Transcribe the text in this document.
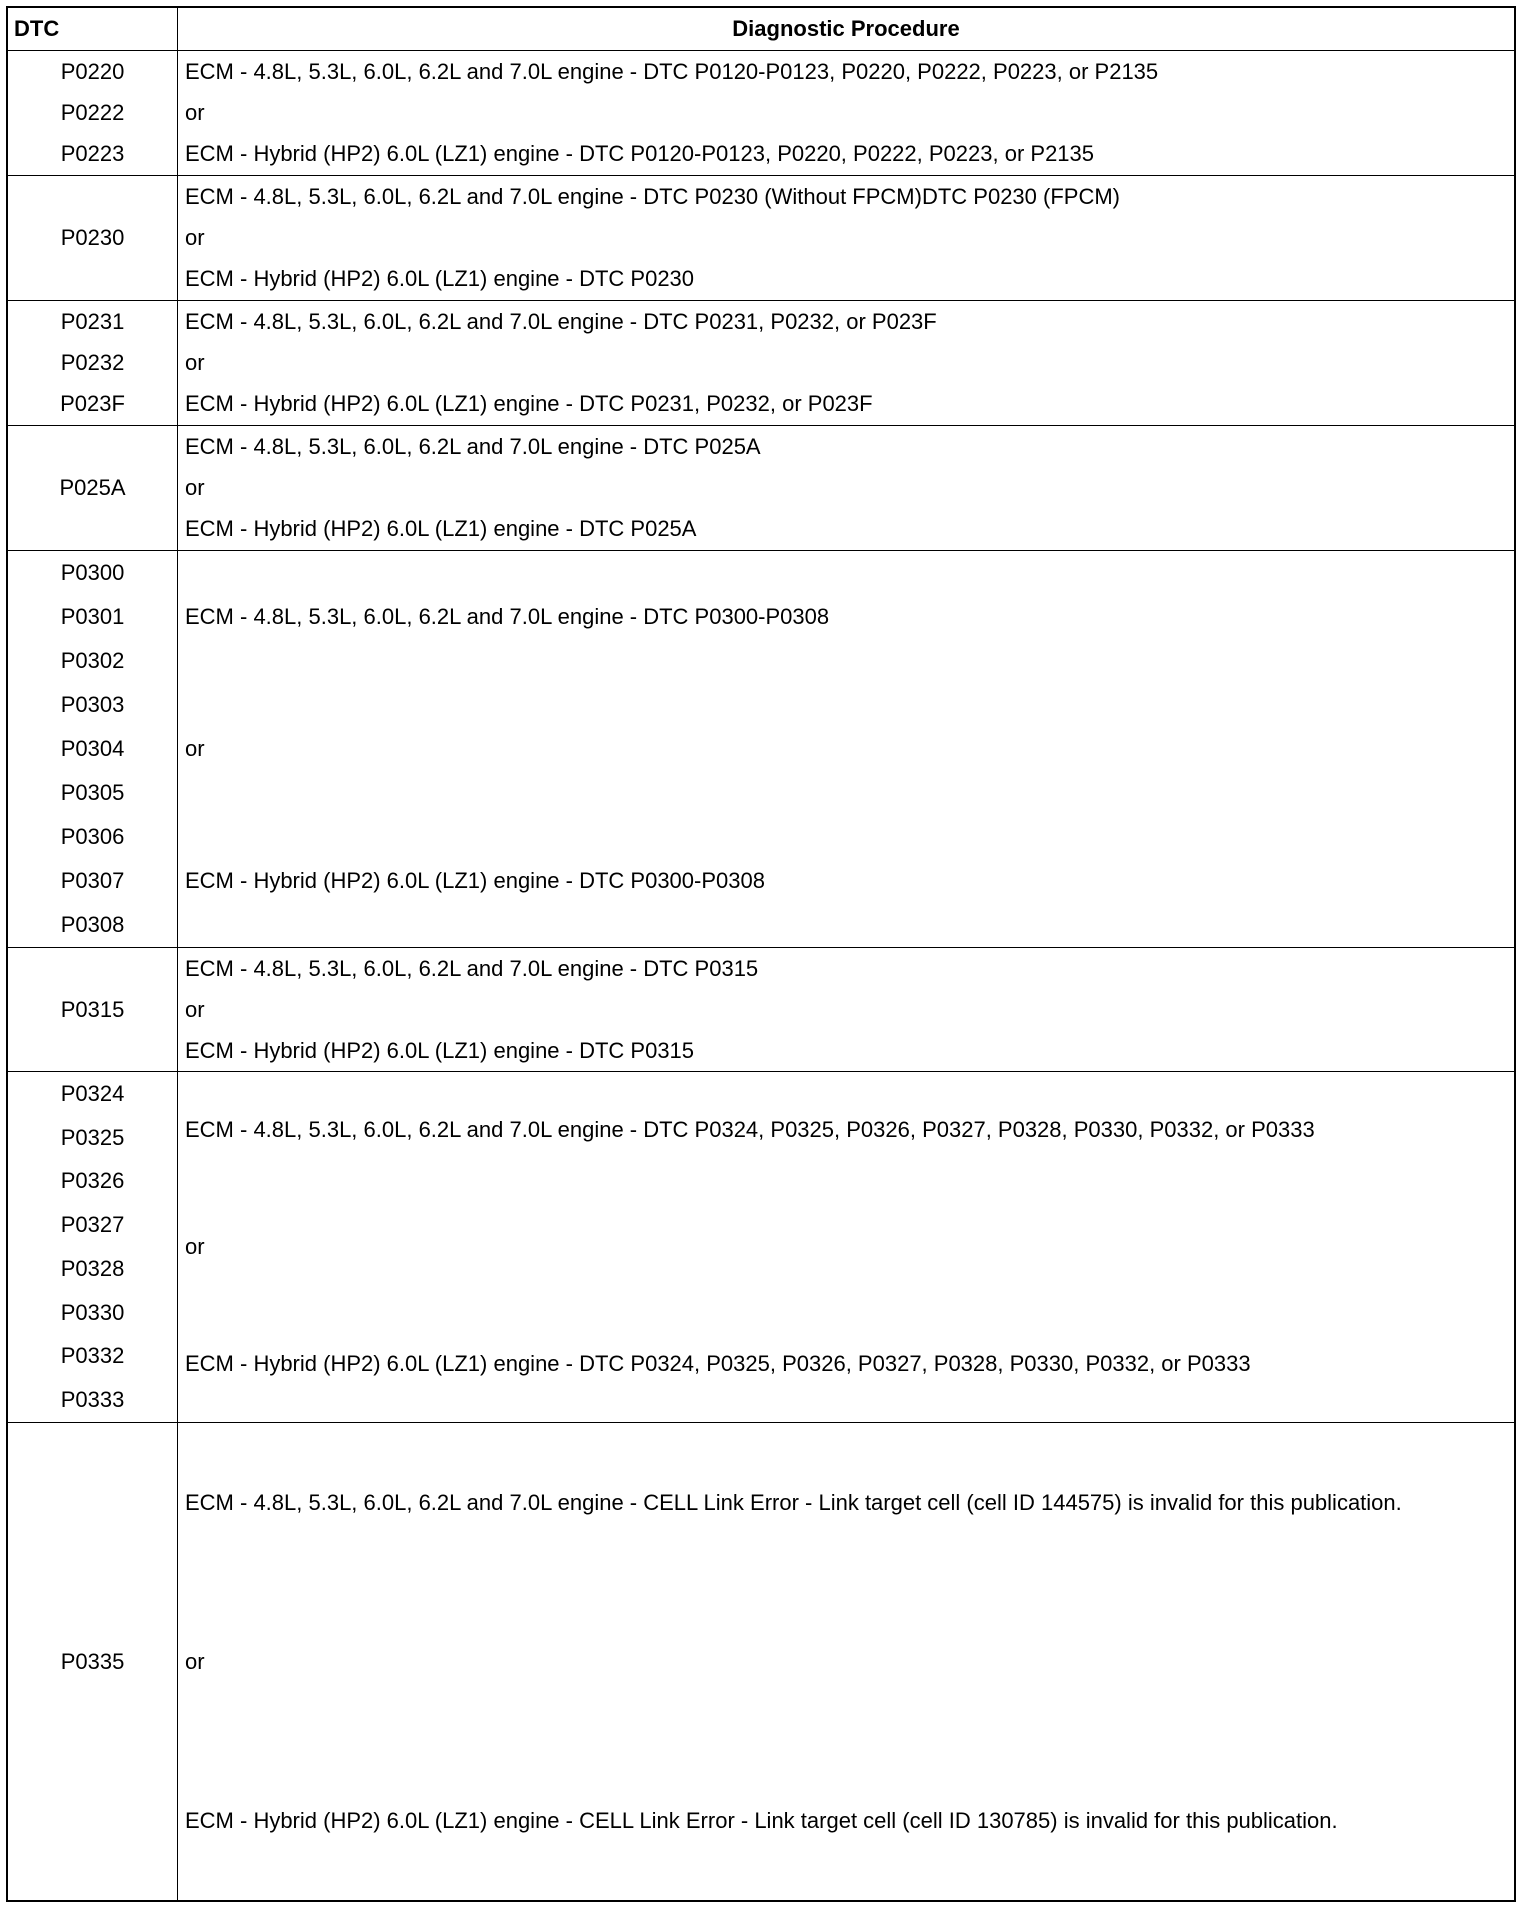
DTC	Diagnostic Procedure
P0220
P0222
P0223
ECM - 4.8L, 5.3L, 6.0L, 6.2L and 7.0L engine - DTC P0120-P0123, P0220, P0222, P0223, or P2135
or
ECM - Hybrid (HP2) 6.0L (LZ1) engine - DTC P0120-P0123, P0220, P0222, P0223, or P2135
P0230
ECM - 4.8L, 5.3L, 6.0L, 6.2L and 7.0L engine - DTC P0230 (Without FPCM)DTC P0230 (FPCM)
or
ECM - Hybrid (HP2) 6.0L (LZ1) engine - DTC P0230
P0231
P0232
P023F
ECM - 4.8L, 5.3L, 6.0L, 6.2L and 7.0L engine - DTC P0231, P0232, or P023F
or
ECM - Hybrid (HP2) 6.0L (LZ1) engine - DTC P0231, P0232, or P023F
P025A
ECM - 4.8L, 5.3L, 6.0L, 6.2L and 7.0L engine - DTC P025A
or
ECM - Hybrid (HP2) 6.0L (LZ1) engine - DTC P025A
P0300
P0301
P0302
P0303
P0304
P0305
P0306
P0307
P0308
ECM - 4.8L, 5.3L, 6.0L, 6.2L and 7.0L engine - DTC P0300-P0308
or
ECM - Hybrid (HP2) 6.0L (LZ1) engine - DTC P0300-P0308
P0315
ECM - 4.8L, 5.3L, 6.0L, 6.2L and 7.0L engine - DTC P0315
or
ECM - Hybrid (HP2) 6.0L (LZ1) engine - DTC P0315
P0324
P0325
P0326
P0327
P0328
P0330
P0332
P0333
ECM - 4.8L, 5.3L, 6.0L, 6.2L and 7.0L engine - DTC P0324, P0325, P0326, P0327, P0328, P0330, P0332, or P0333
or
ECM - Hybrid (HP2) 6.0L (LZ1) engine - DTC P0324, P0325, P0326, P0327, P0328, P0330, P0332, or P0333
P0335
ECM - 4.8L, 5.3L, 6.0L, 6.2L and 7.0L engine - CELL Link Error - Link target cell (cell ID 144575) is invalid for this publication.
or
ECM - Hybrid (HP2) 6.0L (LZ1) engine - CELL Link Error - Link target cell (cell ID 130785) is invalid for this publication.
